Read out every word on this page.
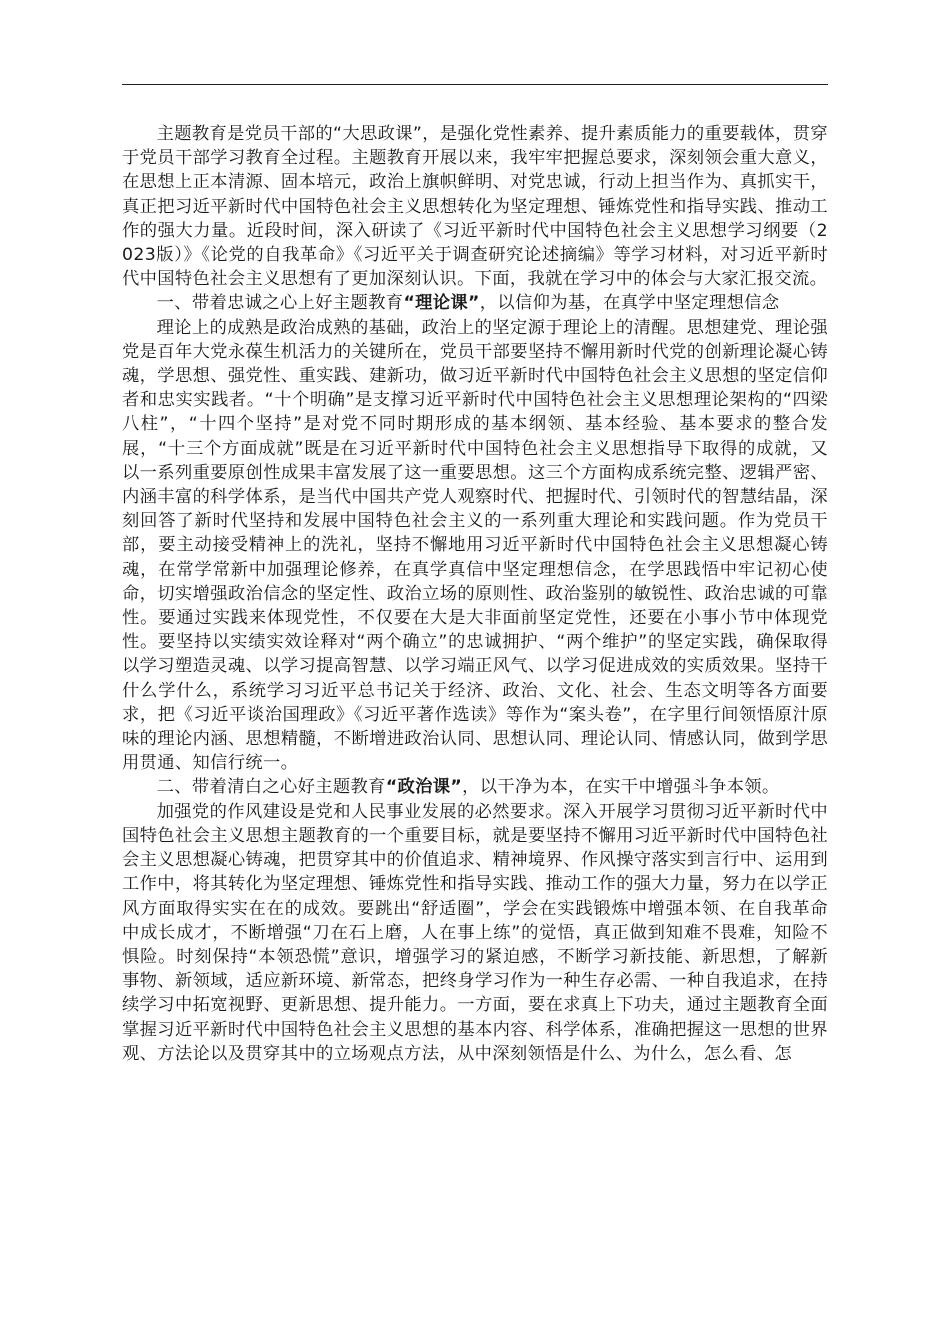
主题教育是党员干部的“大思政课”，是强化党性素养、提升素质能力的重要载体，贯穿于党员干部学习教育全过程。主题教育开展以来，我牢牢把握总要求，深刻领会重大意义，在思想上正本清源、固本培元，政治上旗帜鲜明、对党忠诚，行动上担当作为、真抓实干，真正把习近平新时代中国特色社会主义思想转化为坚定理想、锤炼党性和指导实践、推动工作的强大力量。近段时间，深入研读了《习近平新时代中国特色社会主义思想学习纲要（2023版）》《论党的自我革命》《习近平关于调查研究论述摘编》等学习材料，对习近平新时代中国特色社会主义思想有了更加深刻认识。下面，我就在学习中的体会与大家汇报交流。

一、带着忠诚之心上好主题教育“理论课”，以信仰为基，在真学中坚定理想信念

理论上的成熟是政治成熟的基础，政治上的坚定源于理论上的清醒。思想建党、理论强党是百年大党永葆生机活力的关键所在，党员干部要坚持不懈用新时代党的创新理论凝心铸魂，学思想、强党性、重实践、建新功，做习近平新时代中国特色社会主义思想的坚定信仰者和忠实实践者。“十个明确”是支撑习近平新时代中国特色社会主义思想理论架构的“四梁八柱”，“十四个坚持”是对党不同时期形成的基本纲领、基本经验、基本要求的整合发展，“十三个方面成就”既是在习近平新时代中国特色社会主义思想指导下取得的成就，又以一系列重要原创性成果丰富发展了这一重要思想。这三个方面构成系统完整、逻辑严密、内涵丰富的科学体系，是当代中国共产党人观察时代、把握时代、引领时代的智慧结晶，深刻回答了新时代坚持和发展中国特色社会主义的一系列重大理论和实践问题。作为党员干部，要主动接受精神上的洗礼，坚持不懈地用习近平新时代中国特色社会主义思想凝心铸魂，在常学常新中加强理论修养，在真学真信中坚定理想信念，在学思践悟中牢记初心使命，切实增强政治信念的坚定性、政治立场的原则性、政治鉴别的敏锐性、政治忠诚的可靠性。要通过实践来体现党性，不仅要在大是大非面前坚定党性，还要在小事小节中体现党性。要坚持以实绩实效诠释对“两个确立”的忠诚拥护、“两个维护”的坚定实践，确保取得以学习塑造灵魂、以学习提高智慧、以学习端正风气、以学习促进成效的实质效果。坚持干什么学什么，系统学习习近平总书记关于经济、政治、文化、社会、生态文明等各方面要求，把《习近平谈治国理政》《习近平著作选读》等作为“案头卷”，在字里行间领悟原汁原味的理论内涵、思想精髓，不断增进政治认同、思想认同、理论认同、情感认同，做到学思用贯通、知信行统一。

二、带着清白之心好主题教育“政治课”，以干净为本，在实干中增强斗争本领。

加强党的作风建设是党和人民事业发展的必然要求。深入开展学习贯彻习近平新时代中国特色社会主义思想主题教育的一个重要目标，就是要坚持不懈用习近平新时代中国特色社会主义思想凝心铸魂，把贯穿其中的价值追求、精神境界、作风操守落实到言行中、运用到工作中，将其转化为坚定理想、锤炼党性和指导实践、推动工作的强大力量，努力在以学正风方面取得实实在在的成效。要跳出“舒适圈”，学会在实践锻炼中增强本领、在自我革命中成长成才，不断增强“刀在石上磨，人在事上练”的觉悟，真正做到知难不畏难，知险不惧险。时刻保持“本领恐慌”意识，增强学习的紧迫感，不断学习新技能、新思想，了解新事物、新领域，适应新环境、新常态，把终身学习作为一种生存必需、一种自我追求，在持续学习中拓宽视野、更新思想、提升能力。一方面，要在求真上下功夫，通过主题教育全面掌握习近平新时代中国特色社会主义思想的基本内容、科学体系，准确把握这一思想的世界观、方法论以及贯穿其中的立场观点方法，从中深刻领悟是什么、为什么，怎么看、怎
